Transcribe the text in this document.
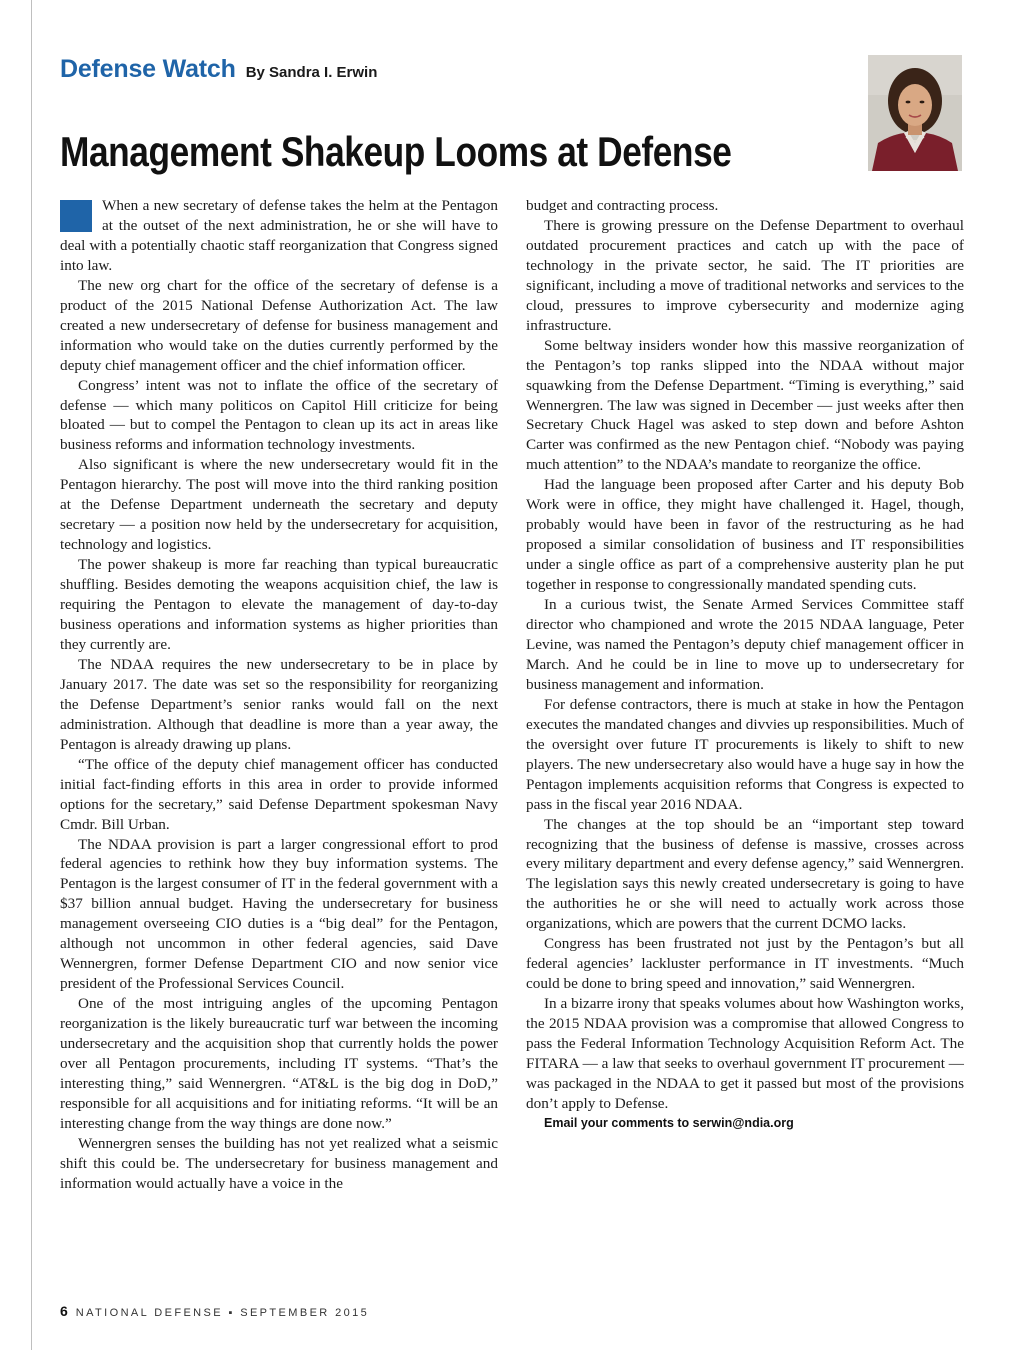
Defense Watch By Sandra I. Erwin
Management Shakeup Looms at Defense

When a new secretary of defense takes the helm at the Pentagon at the outset of the next administration, he or she will have to deal with a potentially chaotic staff reorganization that Congress signed into law.

The new org chart for the office of the secretary of defense is a product of the 2015 National Defense Authorization Act. The law created a new undersecretary of defense for business management and information who would take on the duties currently performed by the deputy chief management officer and the chief information officer.

Congress’ intent was not to inflate the office of the secretary of defense — which many politicos on Capitol Hill criticize for being bloated — but to compel the Pentagon to clean up its act in areas like business reforms and information technology investments.

Also significant is where the new undersecretary would fit in the Pentagon hierarchy. The post will move into the third ranking position at the Defense Department underneath the secretary and deputy secretary — a position now held by the undersecretary for acquisition, technology and logistics.

The power shakeup is more far reaching than typical bureaucratic shuffling. Besides demoting the weapons acquisition chief, the law is requiring the Pentagon to elevate the management of day-to-day business operations and information systems as higher priorities than they currently are.

The NDAA requires the new undersecretary to be in place by January 2017. The date was set so the responsibility for reorganizing the Defense Department’s senior ranks would fall on the next administration. Although that deadline is more than a year away, the Pentagon is already drawing up plans.

“The office of the deputy chief management officer has conducted initial fact-finding efforts in this area in order to provide informed options for the secretary,” said Defense Department spokesman Navy Cmdr. Bill Urban.

The NDAA provision is part a larger congressional effort to prod federal agencies to rethink how they buy information systems. The Pentagon is the largest consumer of IT in the federal government with a $37 billion annual budget. Having the undersecretary for business management overseeing CIO duties is a “big deal” for the Pentagon, although not uncommon in other federal agencies, said Dave Wennergren, former Defense Department CIO and now senior vice president of the Professional Services Council.

One of the most intriguing angles of the upcoming Pentagon reorganization is the likely bureaucratic turf war between the incoming undersecretary and the acquisition shop that currently holds the power over all Pentagon procurements, including IT systems. “That’s the interesting thing,” said Wennergren. “AT&L is the big dog in DoD,” responsible for all acquisitions and for initiating reforms. “It will be an interesting change from the way things are done now.”

Wennergren senses the building has not yet realized what a seismic shift this could be. The undersecretary for business management and information would actually have a voice in the

budget and contracting process.

There is growing pressure on the Defense Department to overhaul outdated procurement practices and catch up with the pace of technology in the private sector, he said. The IT priorities are significant, including a move of traditional networks and services to the cloud, pressures to improve cybersecurity and modernize aging infrastructure.

Some beltway insiders wonder how this massive reorganization of the Pentagon’s top ranks slipped into the NDAA without major squawking from the Defense Department. “Timing is everything,” said Wennergren. The law was signed in December — just weeks after then Secretary Chuck Hagel was asked to step down and before Ashton Carter was confirmed as the new Pentagon chief. “Nobody was paying much attention” to the NDAA’s mandate to reorganize the office.

Had the language been proposed after Carter and his deputy Bob Work were in office, they might have challenged it. Hagel, though, probably would have been in favor of the restructuring as he had proposed a similar consolidation of business and IT responsibilities under a single office as part of a comprehensive austerity plan he put together in response to congressionally mandated spending cuts.

In a curious twist, the Senate Armed Services Committee staff director who championed and wrote the 2015 NDAA language, Peter Levine, was named the Pentagon’s deputy chief management officer in March. And he could be in line to move up to undersecretary for business management and information.

For defense contractors, there is much at stake in how the Pentagon executes the mandated changes and divvies up responsibilities. Much of the oversight over future IT procurements is likely to shift to new players. The new undersecretary also would have a huge say in how the Pentagon implements acquisition reforms that Congress is expected to pass in the fiscal year 2016 NDAA.

The changes at the top should be an “important step toward recognizing that the business of defense is massive, crosses across every military department and every defense agency,” said Wennergren. The legislation says this newly created undersecretary is going to have the authorities he or she will need to actually work across those organizations, which are powers that the current DCMO lacks.

Congress has been frustrated not just by the Pentagon’s but all federal agencies’ lackluster performance in IT investments. “Much could be done to bring speed and innovation,” said Wennergren.

In a bizarre irony that speaks volumes about how Washington works, the 2015 NDAA provision was a compromise that allowed Congress to pass the Federal Information Technology Acquisition Reform Act. The FITARA — a law that seeks to overhaul government IT procurement — was packaged in the NDAA to get it passed but most of the provisions don’t apply to Defense.

Email your comments to serwin@ndia.org

6 NATIONAL DEFENSE ▪ SEPTEMBER 2015
